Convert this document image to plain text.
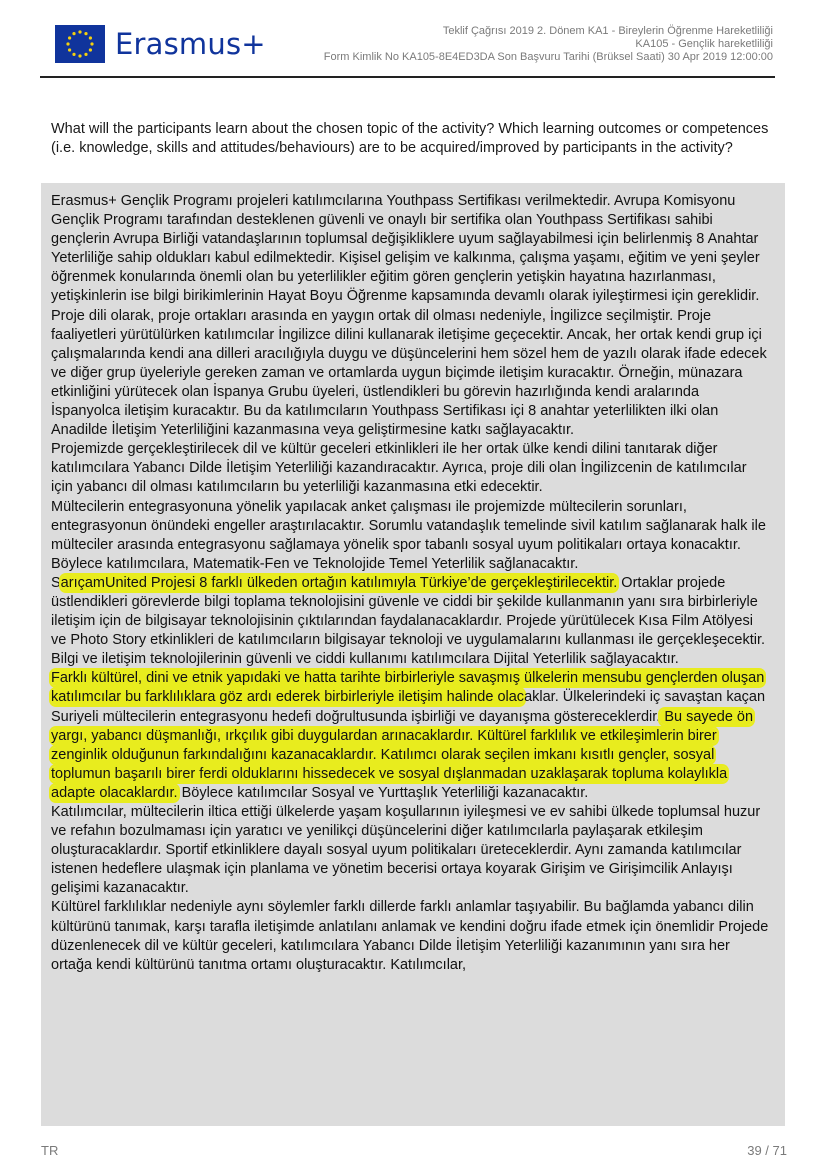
Erasmus+	Teklif Çağrısı 2019 2. Dönem KA1 - Bireylerin Öğrenme Hareketliliği
KA105 - Gençlik hareketliliği
Form Kimlik No KA105-8E4ED3DA Son Başvuru Tarihi (Brüksel Saati) 30 Apr 2019 12:00:00
What will the participants learn about the chosen topic of the activity? Which learning outcomes or competences (i.e. knowledge, skills and attitudes/behaviours) are to be acquired/improved by participants in the activity?

Erasmus+ Gençlik Programı projeleri katılımcılarına Youthpass Sertifikası verilmektedir. Avrupa Komisyonu Gençlik Programı tarafından desteklenen güvenli ve onaylı bir sertifika olan Youthpass Sertifikası sahibi gençlerin Avrupa Birliği vatandaşlarının toplumsal değişikliklere uyum sağlayabilmesi için belirlenmiş 8 Anahtar Yeterliliğe sahip oldukları kabul edilmektedir. Kişisel gelişim ve kalkınma, çalışma yaşamı, eğitim ve yeni şeyler öğrenmek konularında önemli olan bu yeterlilikler eğitim gören gençlerin yetişkin hayatına hazırlanması, yetişkinlerin ise bilgi birikimlerinin Hayat Boyu Öğrenme kapsamında devamlı olarak iyileştirmesi için gereklidir.

Proje dili olarak, proje ortakları arasında en yaygın ortak dil olması nedeniyle, İngilizce seçilmiştir. Proje faaliyetleri yürütülürken katılımcılar İngilizce dilini kullanarak iletişime geçecektir. Ancak, her ortak kendi grup içi çalışmalarında kendi ana dilleri aracılığıyla duygu ve düşüncelerini hem sözel hem de yazılı olarak ifade edecek ve diğer grup üyeleriyle gereken zaman ve ortamlarda uygun biçimde iletişim kuracaktır. Örneğin, münazara etkinliğini yürütecek olan İspanya Grubu üyeleri, üstlendikleri bu görevin hazırlığında kendi aralarında İspanyolca iletişim kuracaktır. Bu da katılımcıların Youthpass Sertifikası içi 8 anahtar yeterlilikten ilki olan Anadilde İletişim Yeterliliğini kazanmasına veya geliştirmesine katkı sağlayacaktır.

Projemizde gerçekleştirilecek dil ve kültür geceleri etkinlikleri ile her ortak ülke kendi dilini tanıtarak diğer katılımcılara Yabancı Dilde İletişim Yeterliliği kazandıracaktır. Ayrıca, proje dili olan İngilizcenin de katılımcılar için yabancı dil olması katılımcıların bu yeterliliği kazanmasına etki edecektir.

Mültecilerin entegrasyonuna yönelik yapılacak anket çalışması ile projemizde mültecilerin sorunları, entegrasyonun önündeki engeller araştırılacaktır. Sorumlu vatandaşlık temelinde sivil katılım sağlanarak halk ile mülteciler arasında entegrasyonu sağlamaya yönelik spor tabanlı sosyal uyum politikaları ortaya konacaktır. Böylece katılımcılara, Matematik-Fen ve Teknolojide Temel Yeterlilik sağlanacaktır.

SarıçamUnited Projesi 8 farklı ülkeden ortağın katılımıyla Türkiye’de gerçekleştirilecektir. Ortaklar projede üstlendikleri görevlerde bilgi toplama teknolojisini güvenle ve ciddi bir şekilde kullanmanın yanı sıra birbirleriyle iletişim için de bilgisayar teknolojisinin çıktılarından faydalanacaklardır. Projede yürütülecek Kısa Film Atölyesi ve Photo Story etkinlikleri de katılımcıların bilgisayar teknoloji ve uygulamalarını kullanması ile gerçekleşecektir. Bilgi ve iletişim teknolojilerinin güvenli ve ciddi kullanımı katılımcılara Dijital Yeterlilik sağlayacaktır.

Farklı kültürel, dini ve etnik yapıdaki ve hatta tarihte birbirleriyle savaşmış ülkelerin mensubu gençlerden oluşan katılımcılar bu farklılıklara göz ardı ederek birbirleriyle iletişim halinde olacaklar. Ülkelerindeki iç savaştan kaçan Suriyeli mültecilerin entegrasyonu hedefi doğrultusunda işbirliği ve dayanışma göstereceklerdir. Bu sayede ön yargı, yabancı düşmanlığı, ırkçılık gibi duygulardan arınacaklardır. Kültürel farklılık ve etkileşimlerin birer zenginlik olduğunun farkındalığını kazanacaklardır. Katılımcı olarak seçilen imkanı kısıtlı gençler, sosyal toplumun başarılı birer ferdi olduklarını hissedecek ve sosyal dışlanmadan uzaklaşarak topluma kolaylıkla adapte olacaklardır. Böylece katılımcılar Sosyal ve Yurttaşlık Yeterliliği kazanacaktır.

Katılımcılar, mültecilerin iltica ettiği ülkelerde yaşam koşullarının iyileşmesi ve ev sahibi ülkede toplumsal huzur ve refahın bozulmaması için yaratıcı ve yenilikçi düşüncelerini diğer katılımcılarla paylaşarak etkileşim oluşturacaklardır. Sportif etkinliklere dayalı sosyal uyum politikaları üreteceklerdir. Aynı zamanda katılımcılar istenen hedeflere ulaşmak için planlama ve yönetim becerisi ortaya koyarak Girişim ve Girişimcilik Anlayışı gelişimi kazanacaktır.

Kültürel farklılıklar nedeniyle aynı söylemler farklı dillerde farklı anlamlar taşıyabilir. Bu bağlamda yabancı dilin kültürünü tanımak, karşı tarafla iletişimde anlatılanı anlamak ve kendini doğru ifade etmek için önemlidir Projede düzenlenecek dil ve kültür geceleri, katılımcılara Yabancı Dilde İletişim Yeterliliği kazanımının yanı sıra her ortağa kendi kültürünü tanıtma ortamı oluşturacaktır. Katılımcılar,

TR	39 / 71
